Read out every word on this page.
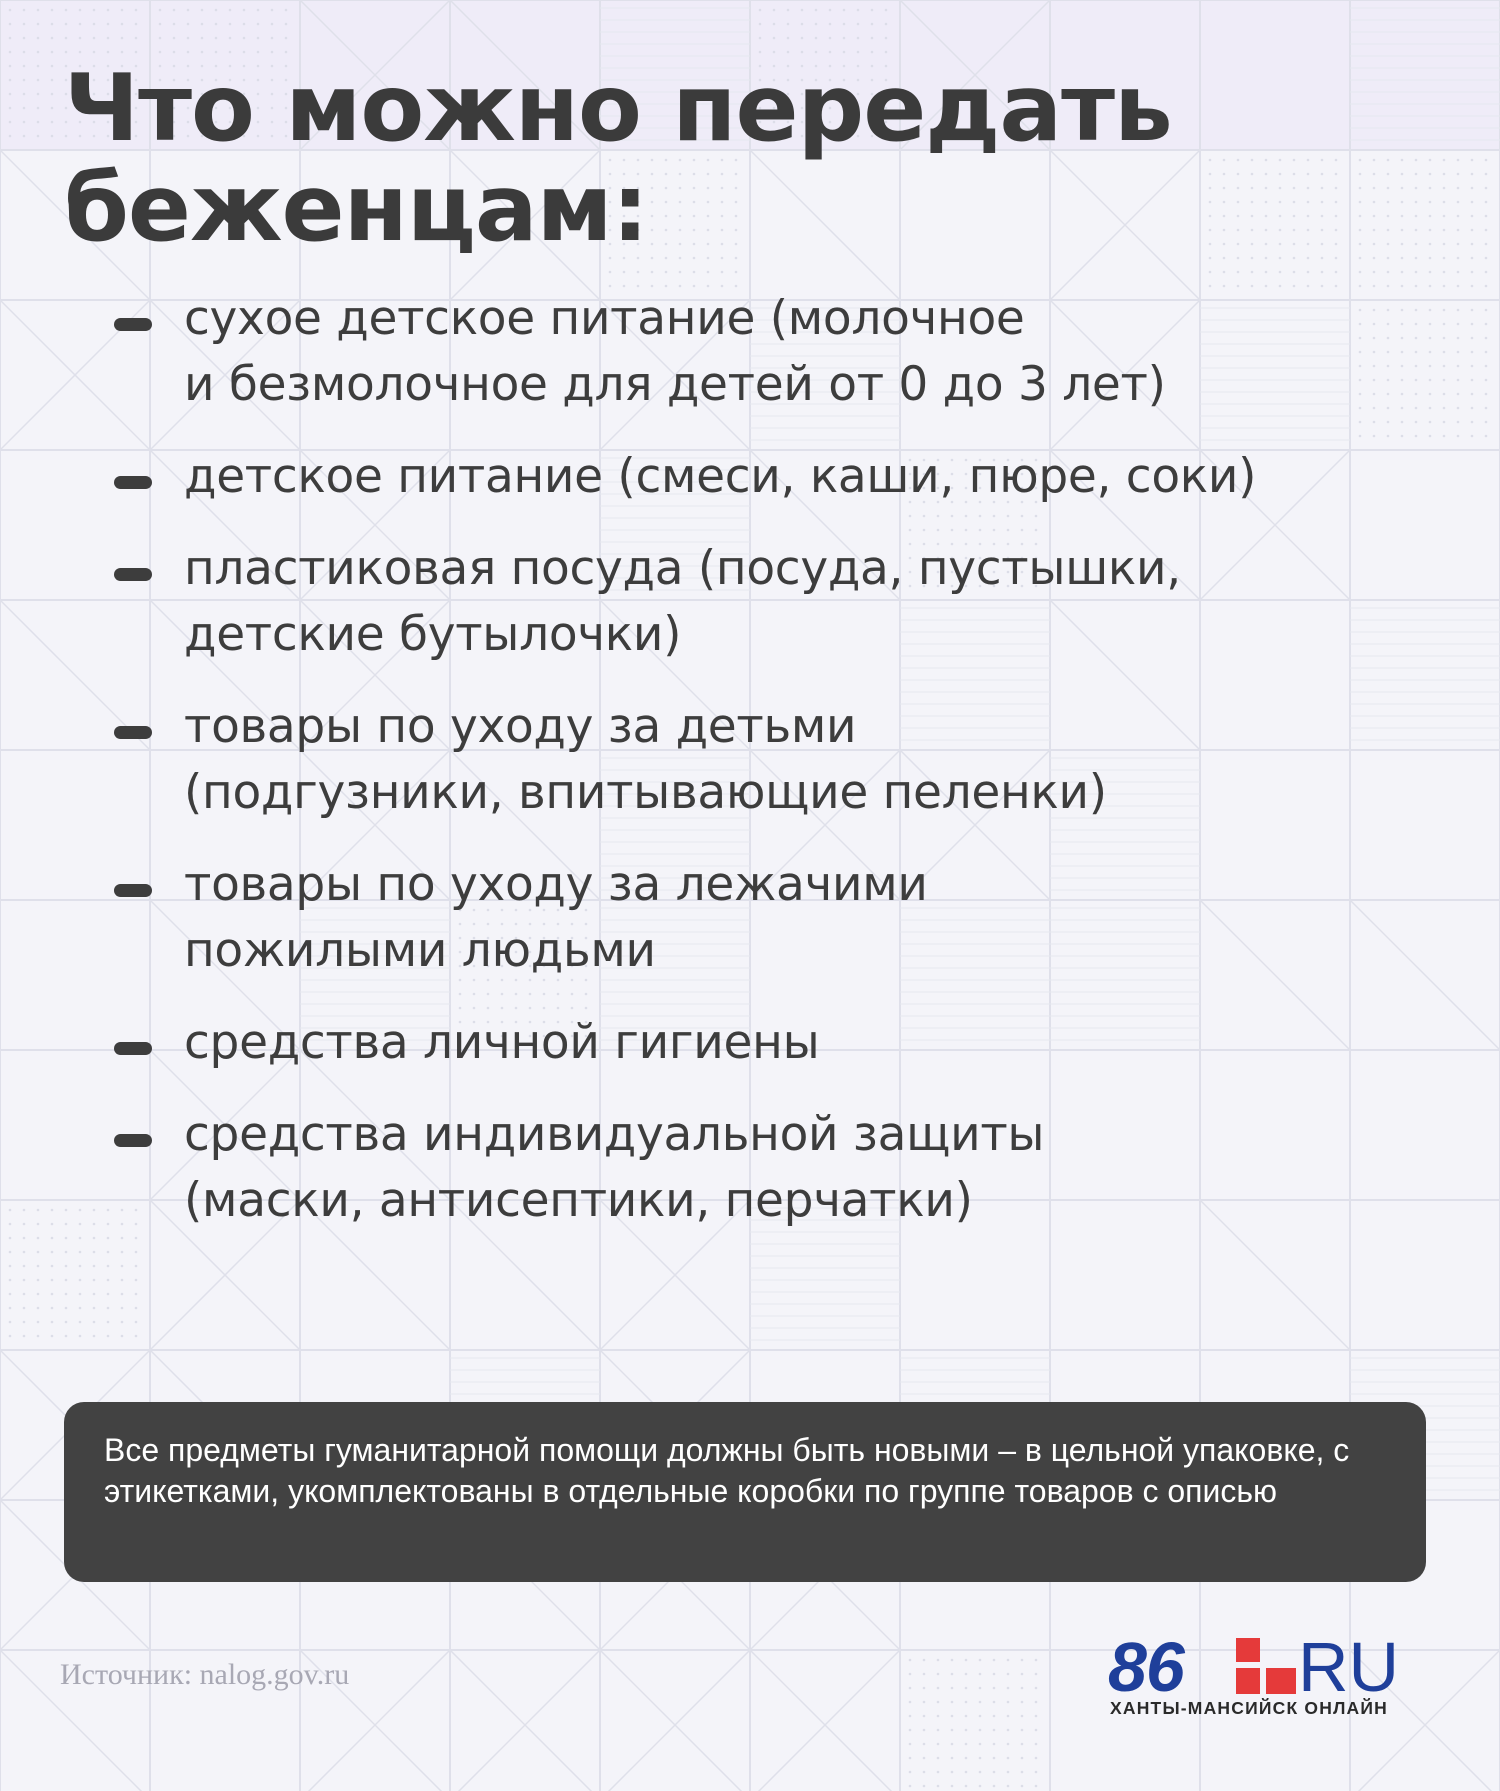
Что можно передать беженцам:
сухое детское питание (молочное
и безмолочное для детей от 0 до 3 лет)
детское питание (смеси, каши, пюре, соки)
пластиковая посуда (посуда, пустышки,
детские бутылочки)
товары по уходу за детьми
(подгузники, впитывающие пеленки)
товары по уходу за лежачими
пожилыми людьми
средства личной гигиены
средства индивидуальной защиты
(маски, антисептики, перчатки)
Все предметы гуманитарной помощи должны быть новыми – в цельной упаковке, с этикетками, укомплектованы в отдельные коробки по группе товаров с описью
Источник: nalog.gov.ru	86 RU
ХАНТЫ-МАНСИЙСК ОНЛАЙН
